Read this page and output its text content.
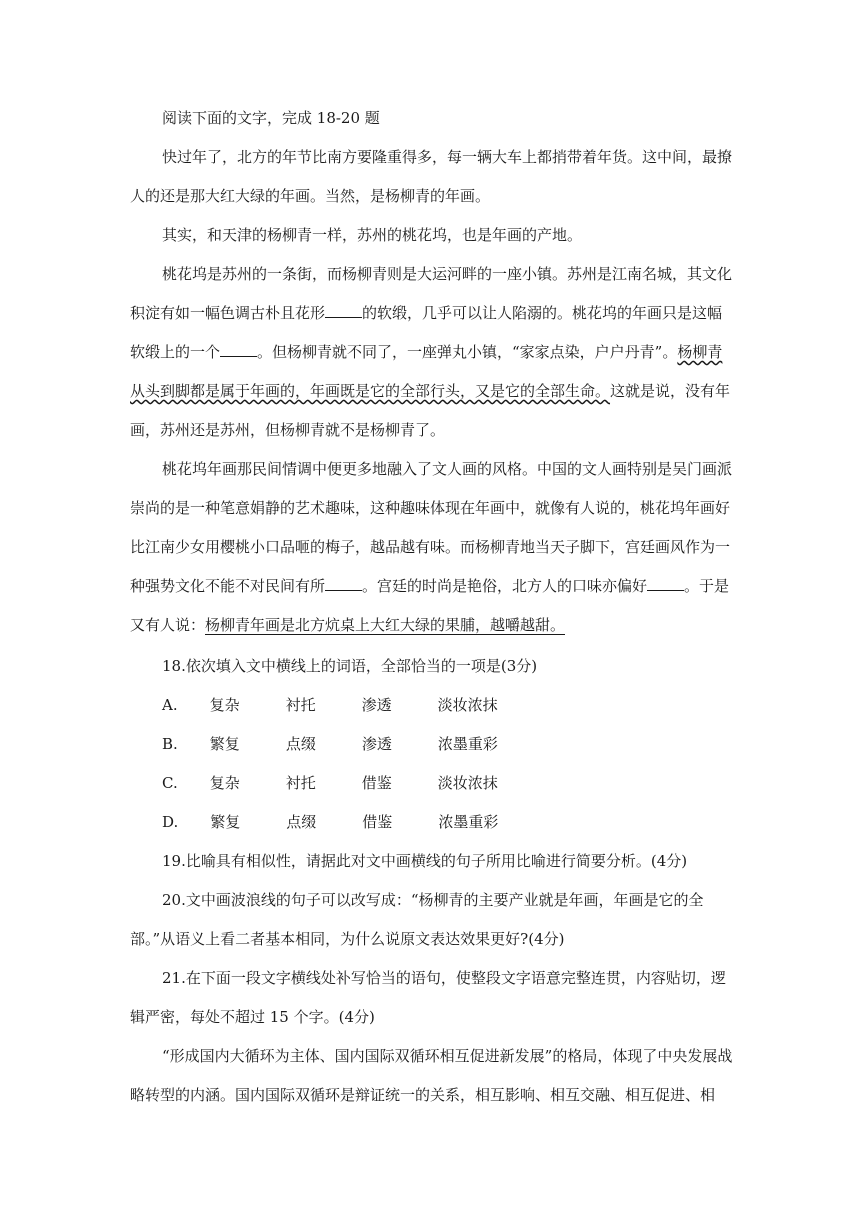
阅读下面的文字，完成 18-20 题

快过年了，北方的年节比南方要隆重得多，每一辆大车上都捎带着年货。这中间，最撩人的还是那大红大绿的年画。当然，是杨柳青的年画。

其实，和天津的杨柳青一样，苏州的桃花坞，也是年画的产地。

桃花坞是苏州的一条街，而杨柳青则是大运河畔的一座小镇。苏州是江南名城，其文化积淀有如一幅色调古朴且花形 的软缎，几乎可以让人陷溺的。桃花坞的年画只是这幅软缎上的一个 。但杨柳青就不同了，一座弹丸小镇，“家家点染，户户丹青”。杨柳青从头到脚都是属于年画的，年画既是它的全部行头，又是它的全部生命。这就是说，没有年画，苏州还是苏州，但杨柳青就不是杨柳青了。

桃花坞年画那民间情调中便更多地融入了文人画的风格。中国的文人画特别是吴门画派崇尚的是一种笔意娟静的艺术趣味，这种趣味体现在年画中，就像有人说的，桃花坞年画好比江南少女用樱桃小口品咂的梅子，越品越有味。而杨柳青地当天子脚下，宫廷画风作为一种强势文化不能不对民间有所 。宫廷的时尚是艳俗，北方人的口味亦偏好 。于是又有人说：杨柳青年画是北方炕桌上大红大绿的果脯，越嚼越甜。

18.依次填入文中横线上的词语，全部恰当的一项是(3分)

A. 复杂	衬托	渗透	淡妆浓抹

B. 繁复	点缀	渗透	浓墨重彩

C. 复杂	衬托	借鉴	淡妆浓抹

D. 繁复	点缀	借鉴	浓墨重彩

19.比喻具有相似性，请据此对文中画横线的句子所用比喻进行简要分析。(4分)

20.文中画波浪线的句子可以改写成：“杨柳青的主要产业就是年画，年画是它的全部。”从语义上看二者基本相同，为什么说原文表达效果更好?(4分)

21.在下面一段文字横线处补写恰当的语句，使整段文字语意完整连贯，内容贴切，逻辑严密，每处不超过 15 个字。(4分)

“形成国内大循环为主体、国内国际双循环相互促进新发展”的格局，体现了中央发展战略转型的内涵。国内国际双循环是辩证统一的关系，相互影响、相互交融、相互促进、相
